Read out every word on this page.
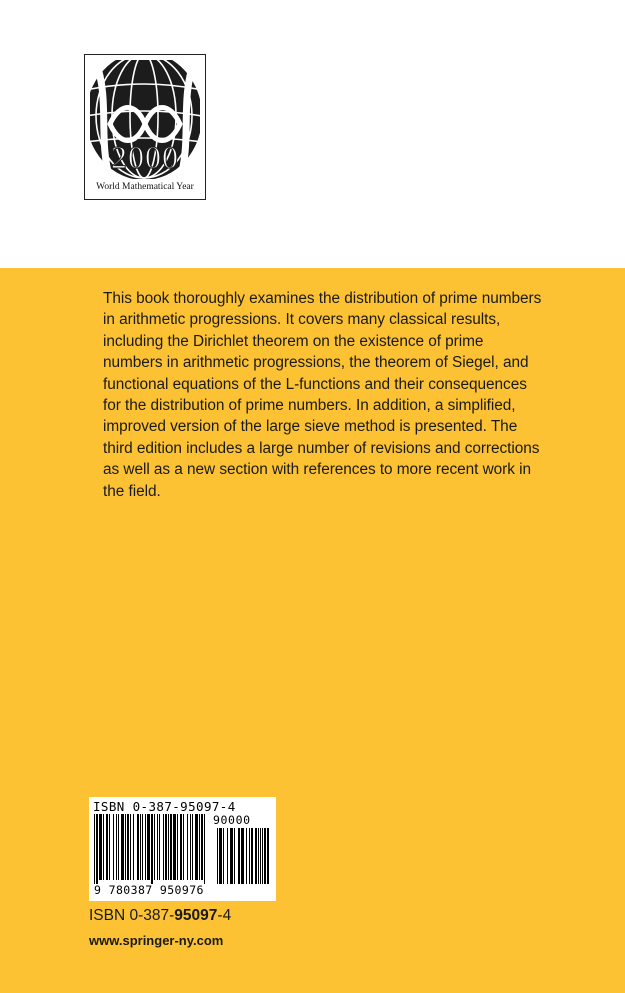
2000
World Mathematical Year

This book thoroughly examines the distribution of prime numbers in arithmetic progressions. It covers many classical results, including the Dirichlet theorem on the existence of prime numbers in arithmetic progressions, the theorem of Siegel, and functional equations of the L-functions and their consequences for the distribution of prime numbers. In addition, a simplified, improved version of the large sieve method is presented. The third edition includes a large number of revisions and corrections as well as a new section with references to more recent work in the field.

ISBN 0-387-95097-4
90000
9 780387 950976
ISBN 0-387-95097-4
www.springer-ny.com
